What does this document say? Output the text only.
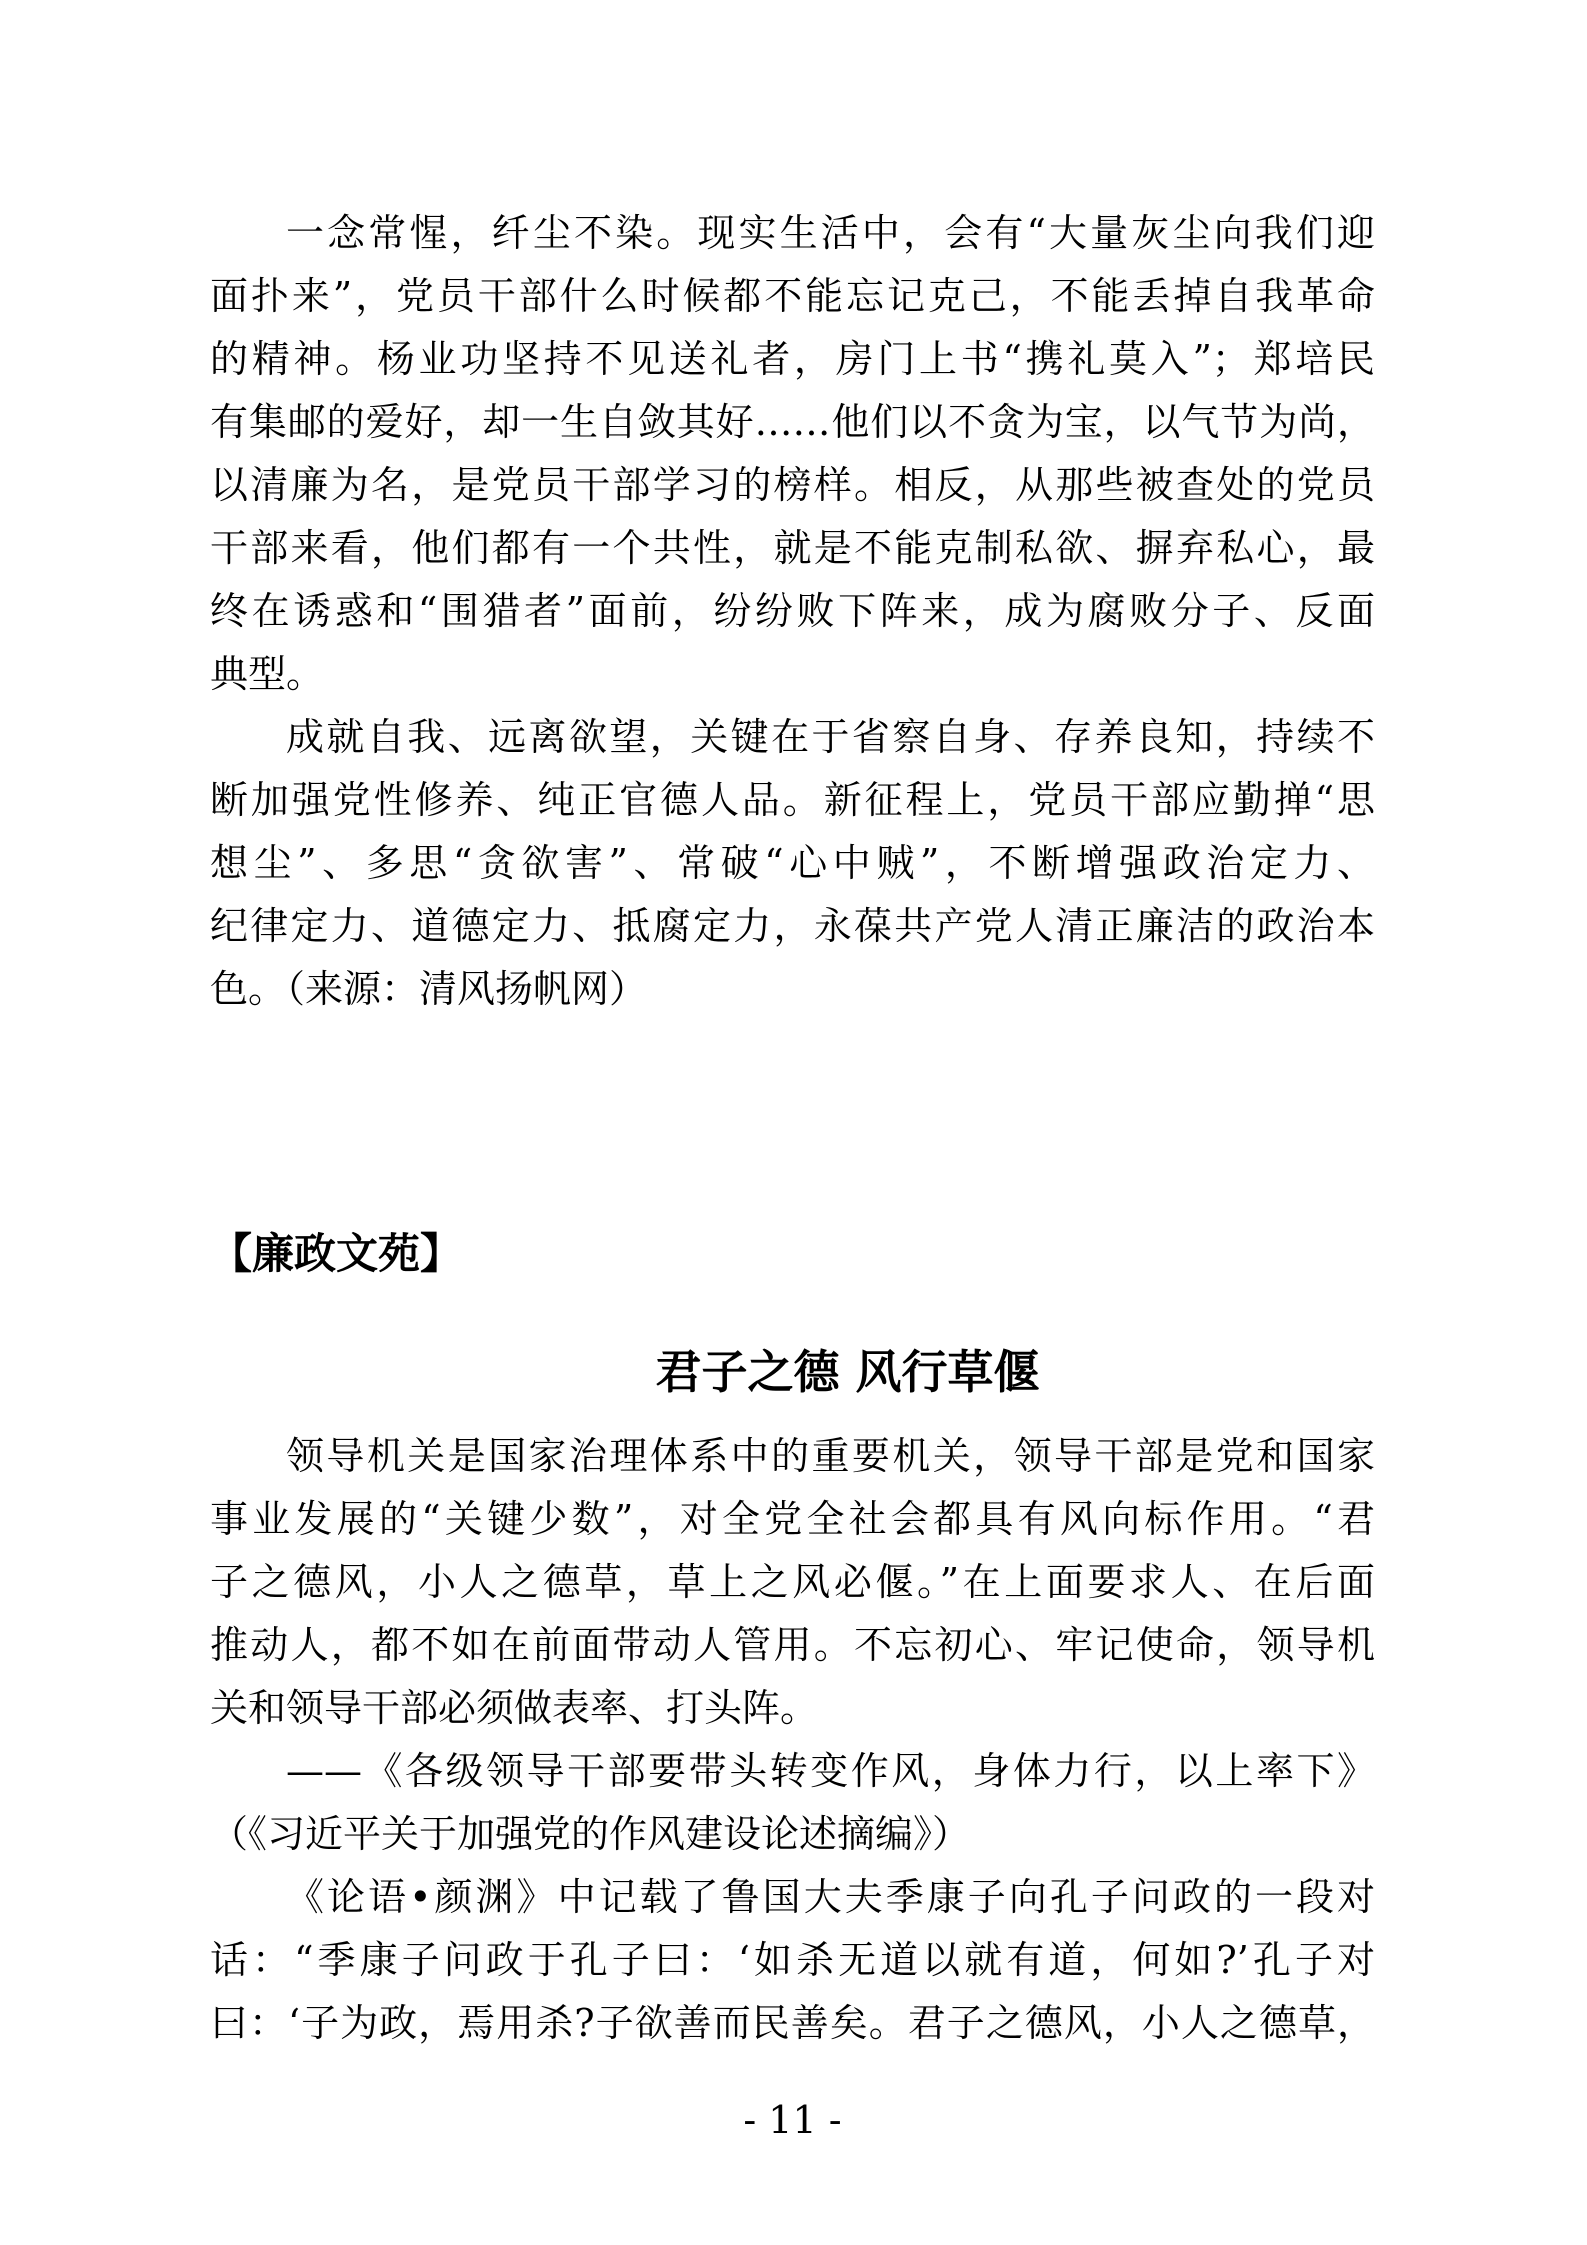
一念常惺，纤尘不染。现实生活中，会有“大量灰尘向我们迎
面扑来”，党员干部什么时候都不能忘记克己，不能丢掉自我革命
的精神。杨业功坚持不见送礼者，房门上书“携礼莫入”；郑培民
有集邮的爱好，却一生自敛其好……他们以不贪为宝，以气节为尚，
以清廉为名，是党员干部学习的榜样。相反，从那些被查处的党员
干部来看，他们都有一个共性，就是不能克制私欲、摒弃私心，最
终在诱惑和“围猎者”面前，纷纷败下阵来，成为腐败分子、反面
典型。
成就自我、远离欲望，关键在于省察自身、存养良知，持续不
断加强党性修养、纯正官德人品。新征程上，党员干部应勤掸“思
想尘”、多思“贪欲害”、常破“心中贼”，不断增强政治定力、
纪律定力、道德定力、抵腐定力，永葆共产党人清正廉洁的政治本
色。（来源：清风扬帆网）
【廉政文苑】
君子之德 风行草偃
领导机关是国家治理体系中的重要机关，领导干部是党和国家
事业发展的“关键少数”，对全党全社会都具有风向标作用。“君
子之德风，小人之德草，草上之风必偃。”在上面要求人、在后面
推动人，都不如在前面带动人管用。不忘初心、牢记使命，领导机
关和领导干部必须做表率、打头阵。
——《各级领导干部要带头转变作风，身体力行，以上率下》
（《习近平关于加强党的作风建设论述摘编》）
《论语•颜渊》中记载了鲁国大夫季康子向孔子问政的一段对
话：“季康子问政于孔子曰：‘如杀无道以就有道，何如?’孔子对
曰：‘子为政，焉用杀?子欲善而民善矣。君子之德风，小人之德草，
- 11 -
